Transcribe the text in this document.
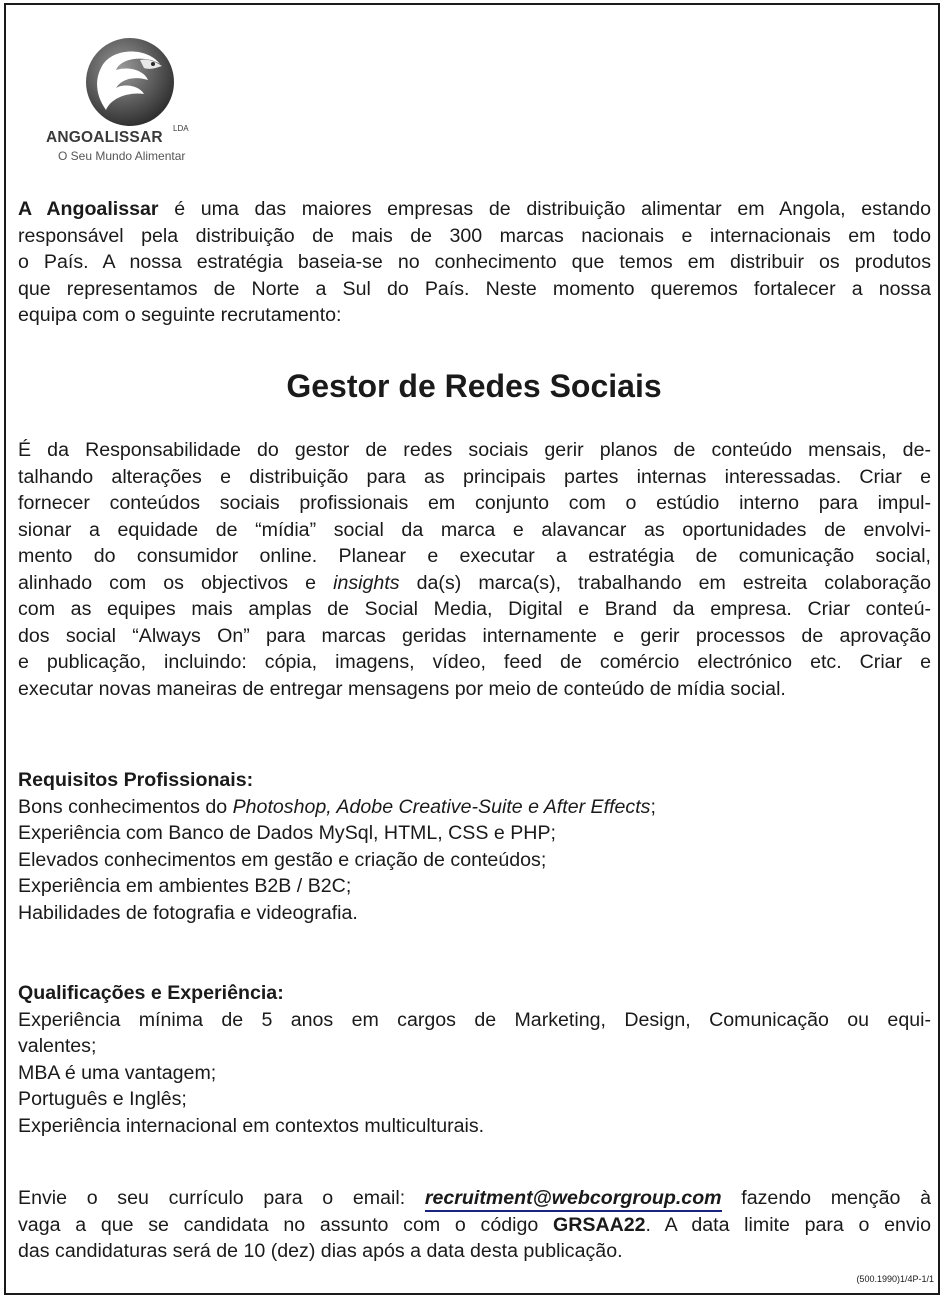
ANGOALISSAR
LDA
O Seu Mundo Alimentar
A Angoalissar é uma das maiores empresas de distribuição alimentar em Angola, estando
responsável pela distribuição de mais de 300 marcas nacionais e internacionais em todo
o País. A nossa estratégia baseia-se no conhecimento que temos em distribuir os produtos
que representamos de Norte a Sul do País. Neste momento queremos fortalecer a nossa
equipa com o seguinte recrutamento:
Gestor de Redes Sociais
É da Responsabilidade do gestor de redes sociais gerir planos de conteúdo mensais, de-
talhando alterações e distribuição para as principais partes internas interessadas. Criar e
fornecer conteúdos sociais profissionais em conjunto com o estúdio interno para impul-
sionar a equidade de “mídia” social da marca e alavancar as oportunidades de envolvi-
mento do consumidor online. Planear e executar a estratégia de comunicação social,
alinhado com os objectivos e insights da(s) marca(s), trabalhando em estreita colaboração
com as equipes mais amplas de Social Media, Digital e Brand da empresa. Criar conteú-
dos social “Always On” para marcas geridas internamente e gerir processos de aprovação
e publicação, incluindo: cópia, imagens, vídeo, feed de comércio electrónico etc. Criar e
executar novas maneiras de entregar mensagens por meio de conteúdo de mídia social.
Requisitos Profissionais:
Bons conhecimentos do Photoshop, Adobe Creative-Suite e After Effects;
Experiência com Banco de Dados MySql, HTML, CSS e PHP;
Elevados conhecimentos em gestão e criação de conteúdos;
Experiência em ambientes B2B / B2C;
Habilidades de fotografia e videografia.
Qualificações e Experiência:
Experiência mínima de 5 anos em cargos de Marketing, Design, Comunicação ou equi-
valentes;
MBA é uma vantagem;
Português e Inglês;
Experiência internacional em contextos multiculturais.
Envie o seu currículo para o email: recruitment@webcorgroup.com fazendo menção à
vaga a que se candidata no assunto com o código GRSAA22. A data limite para o envio
das candidaturas será de 10 (dez) dias após a data desta publicação.
(500.1990)1/4P-1/1
